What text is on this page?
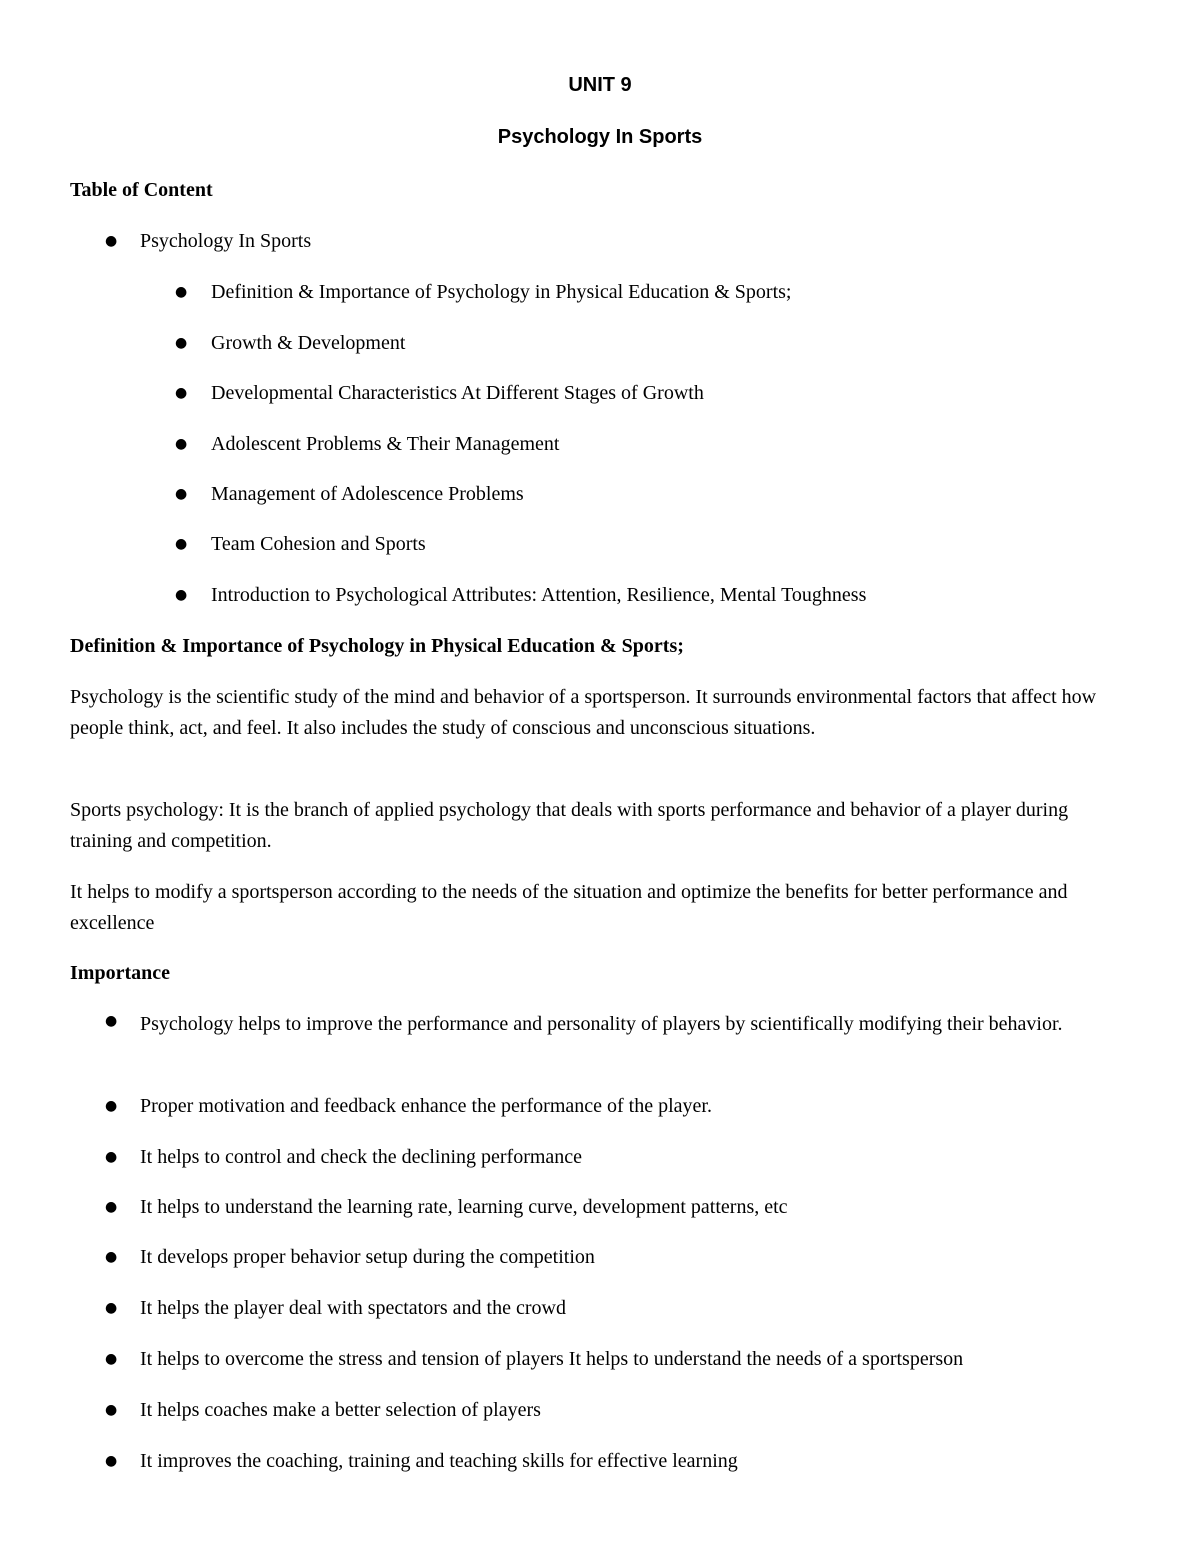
UNIT 9
Psychology In Sports
Table of Content
● Psychology In Sports
● Definition & Importance of Psychology in Physical Education & Sports;
● Growth & Development
● Developmental Characteristics At Different Stages of Growth
● Adolescent Problems & Their Management
● Management of Adolescence Problems
● Team Cohesion and Sports
● Introduction to Psychological Attributes: Attention, Resilience, Mental Toughness
Definition & Importance of Psychology in Physical Education & Sports;
Psychology is the scientific study of the mind and behavior of a sportsperson. It surrounds environmental factors that affect how people think, act, and feel. It also includes the study of conscious and unconscious situations.
Sports psychology: It is the branch of applied psychology that deals with sports performance and behavior of a player during training and competition.
It helps to modify a sportsperson according to the needs of the situation and optimize the benefits for better performance and excellence
Importance
● Psychology helps to improve the performance and personality of players by scientifically modifying their behavior.
● Proper motivation and feedback enhance the performance of the player.
● It helps to control and check the declining performance
● It helps to understand the learning rate, learning curve, development patterns, etc
● It develops proper behavior setup during the competition
● It helps the player deal with spectators and the crowd
● It helps to overcome the stress and tension of players It helps to understand the needs of a sportsperson
● It helps coaches make a better selection of players
● It improves the coaching, training and teaching skills for effective learning
